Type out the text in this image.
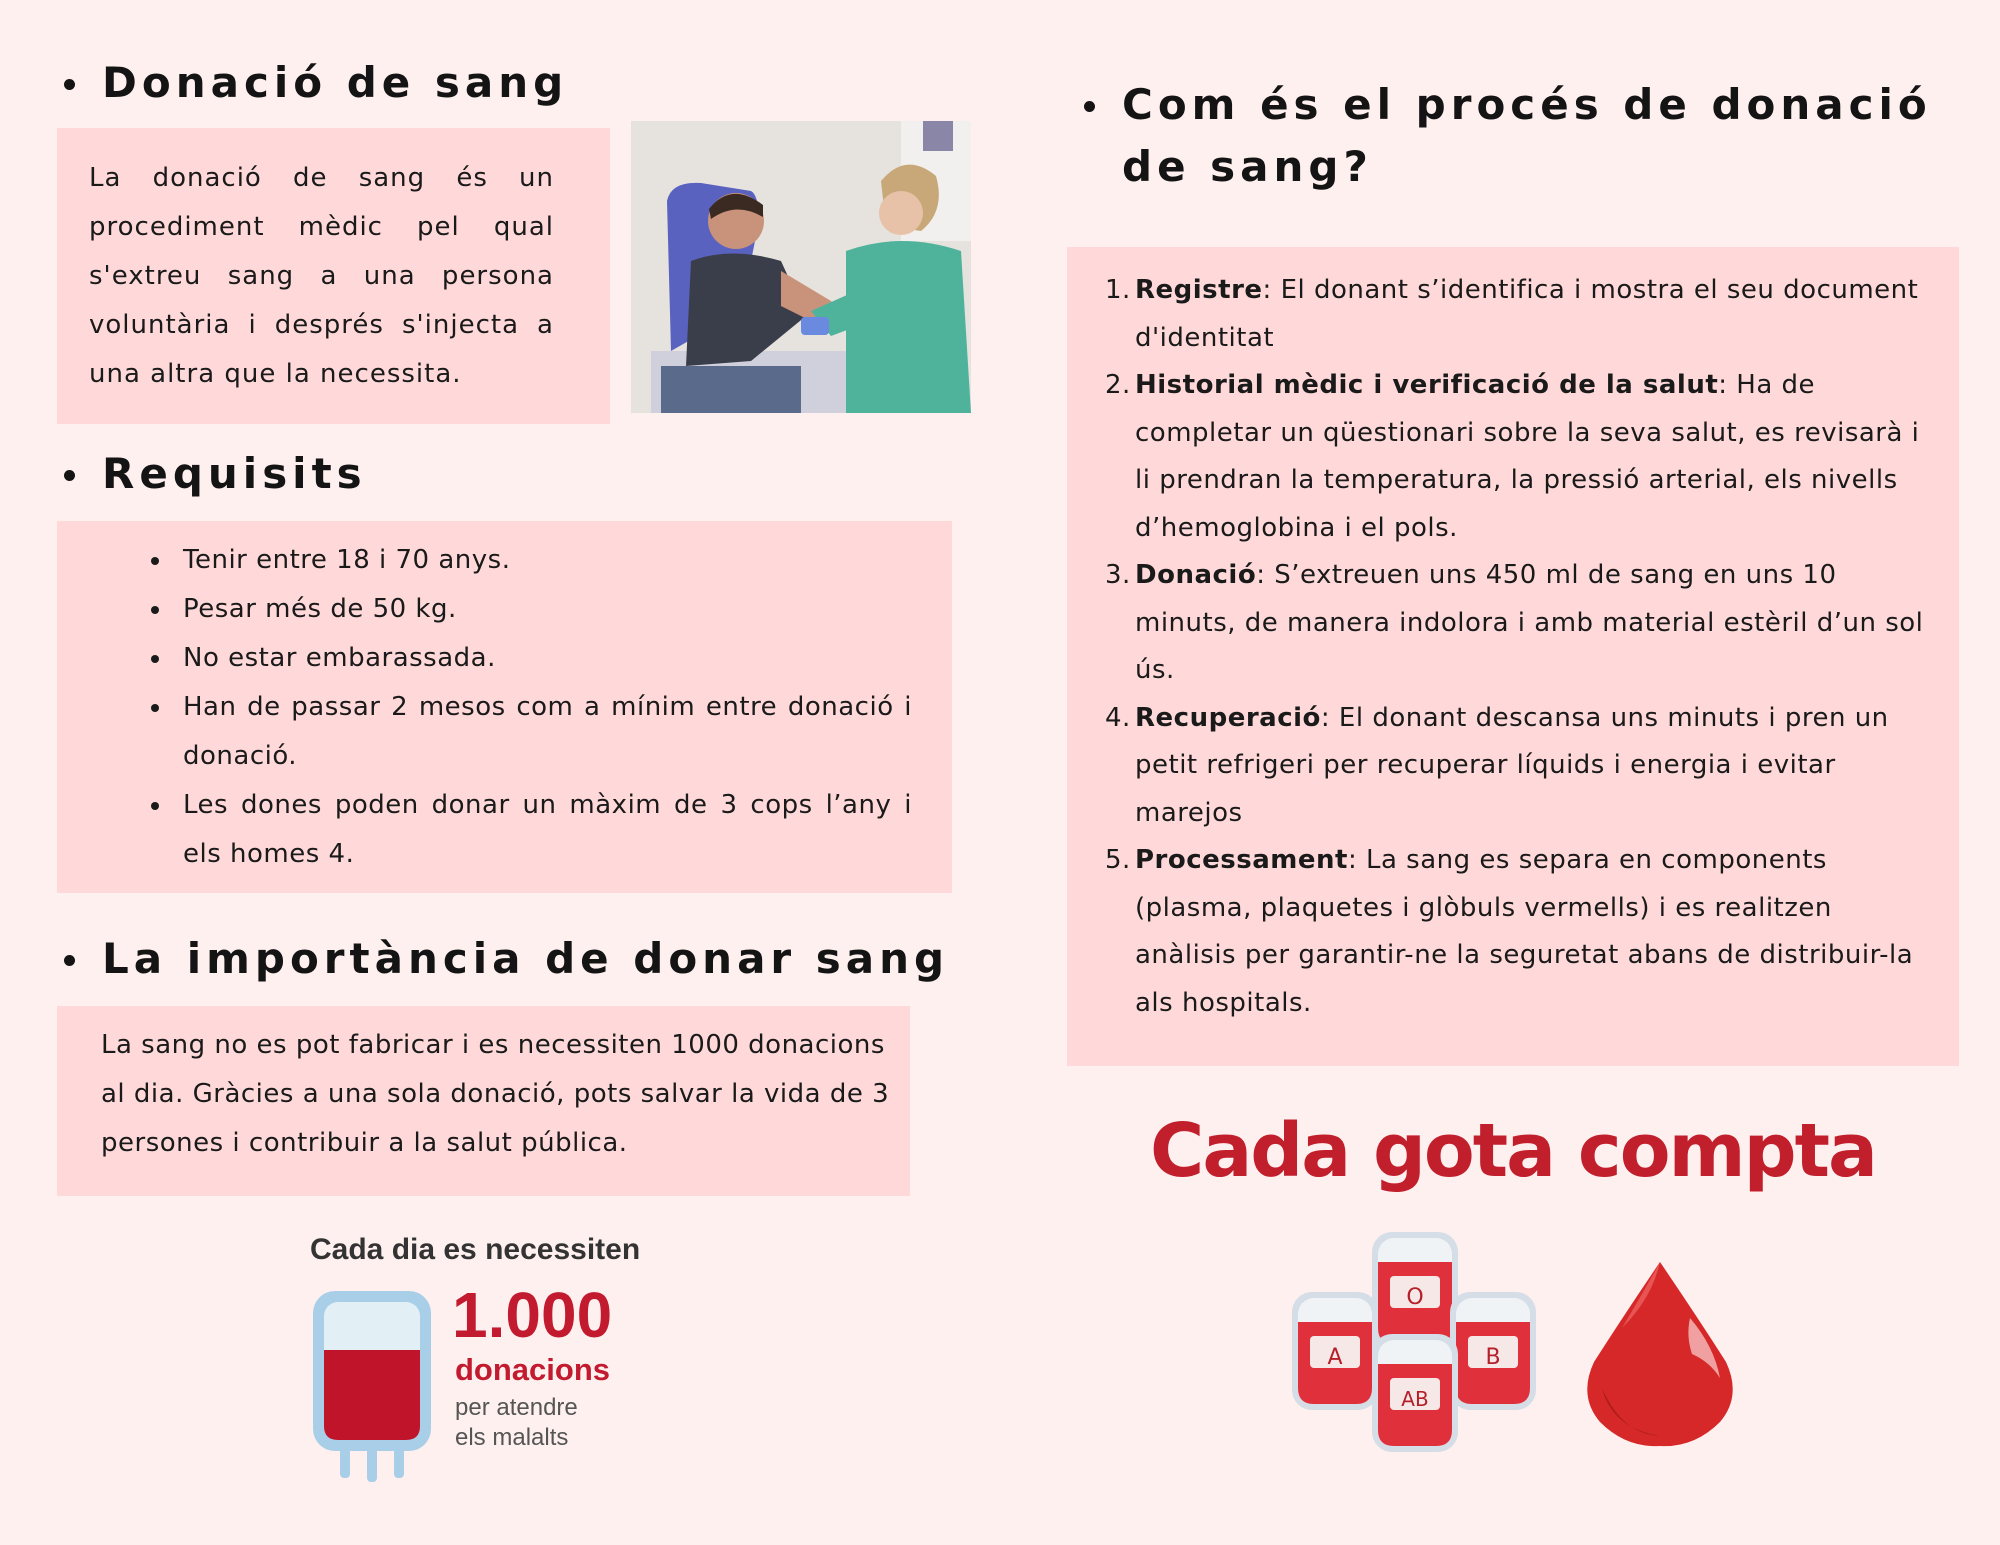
Donació de sang
La donació de sang és un procediment mèdic pel qual s'extreu sang a una persona voluntària i després s'injecta a una altra que la necessita.
Requisits
Tenir entre 18 i 70 anys.
Pesar més de 50 kg.
No estar embarassada.
Han de passar 2 mesos com a mínim entre donació i donació.
Les dones poden donar un màxim de 3 cops l’any i els homes 4.
La importància de donar sang
La sang no es pot fabricar i es necessiten 1000 donacions al dia. Gràcies a una sola donació, pots salvar la vida de 3 persones i contribuir a la salut pública.
Cada dia es necessiten
1.000
donacions
per atendre
els malalts
Com és el procés de donació de sang?
1. Registre: El donant s’identifica i mostra el seu document d'identitat
2. Historial mèdic i verificació de la salut: Ha de completar un qüestionari sobre la seva salut, es revisarà i li prendran la temperatura, la pressió arterial, els nivells d’hemoglobina i el pols.
3. Donació: S’extreuen uns 450 ml de sang en uns 10 minuts, de manera indolora i amb material estèril d’un sol ús.
4. Recuperació: El donant descansa uns minuts i pren un petit refrigeri per recuperar líquids i energia i evitar marejos
5. Processament: La sang es separa en components (plasma, plaquetes i glòbuls vermells) i es realitzen anàlisis per garantir-ne la seguretat abans de distribuir-la als hospitals.
Cada gota compta
O
A	B
AB
